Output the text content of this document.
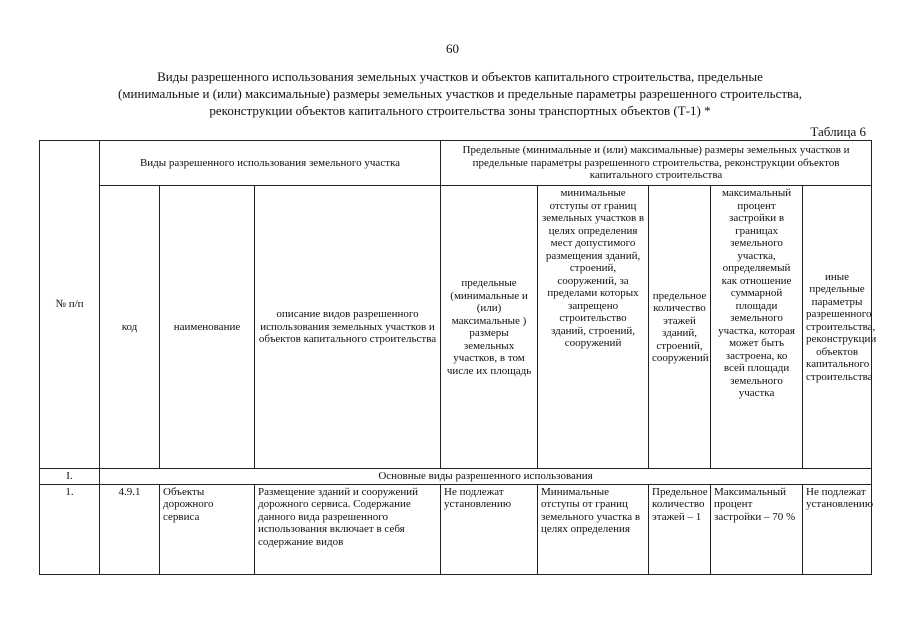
60
Виды разрешенного использования земельных участков и объектов капитального строительства, предельные
(минимальные и (или) максимальные) размеры земельных участков и предельные параметры разрешенного строительства,
реконструкции объектов капитального строительства зоны транспортных объектов (Т-1) *
Таблица 6
№ п/п	Виды разрешенного использования земельного участка			Предельные (минимальные и (или) максимальные) размеры земельных участков и предельные параметры разрешенного строительства, реконструкции объектов капитального строительства				
	код	наименование	описание видов разрешенного использования земельных участков и объектов капитального строительства	предельные (минимальные и (или) максимальные ) размеры земельных участков, в том числе их площадь	минимальные отступы от границ земельных участков в целях определения мест допустимого размещения зданий, строений, сооружений, за пределами которых запрещено строительство зданий, строений, сооружений	предельное количество этажей зданий, строений, сооружений	максимальный процент застройки в границах земельного участка, определяемый как отношение суммарной площади земельного участка, которая может быть застроена, ко всей площади земельного участка	иные предельные параметры разрешенного строительства, реконструкции объектов капитального строительства
I.	Основные виды разрешенного использования							
1.	4.9.1	Объекты дорожного сервиса	Размещение зданий и сооружений дорожного сервиса. Содержание данного вида разрешенного использования включает в себя содержание видов	Не подлежат установлению	Минимальные отступы от границ земельного участка в целях определения	Предельное количество этажей – 1	Максимальный процент застройки – 70 %	Не подлежат установлению
